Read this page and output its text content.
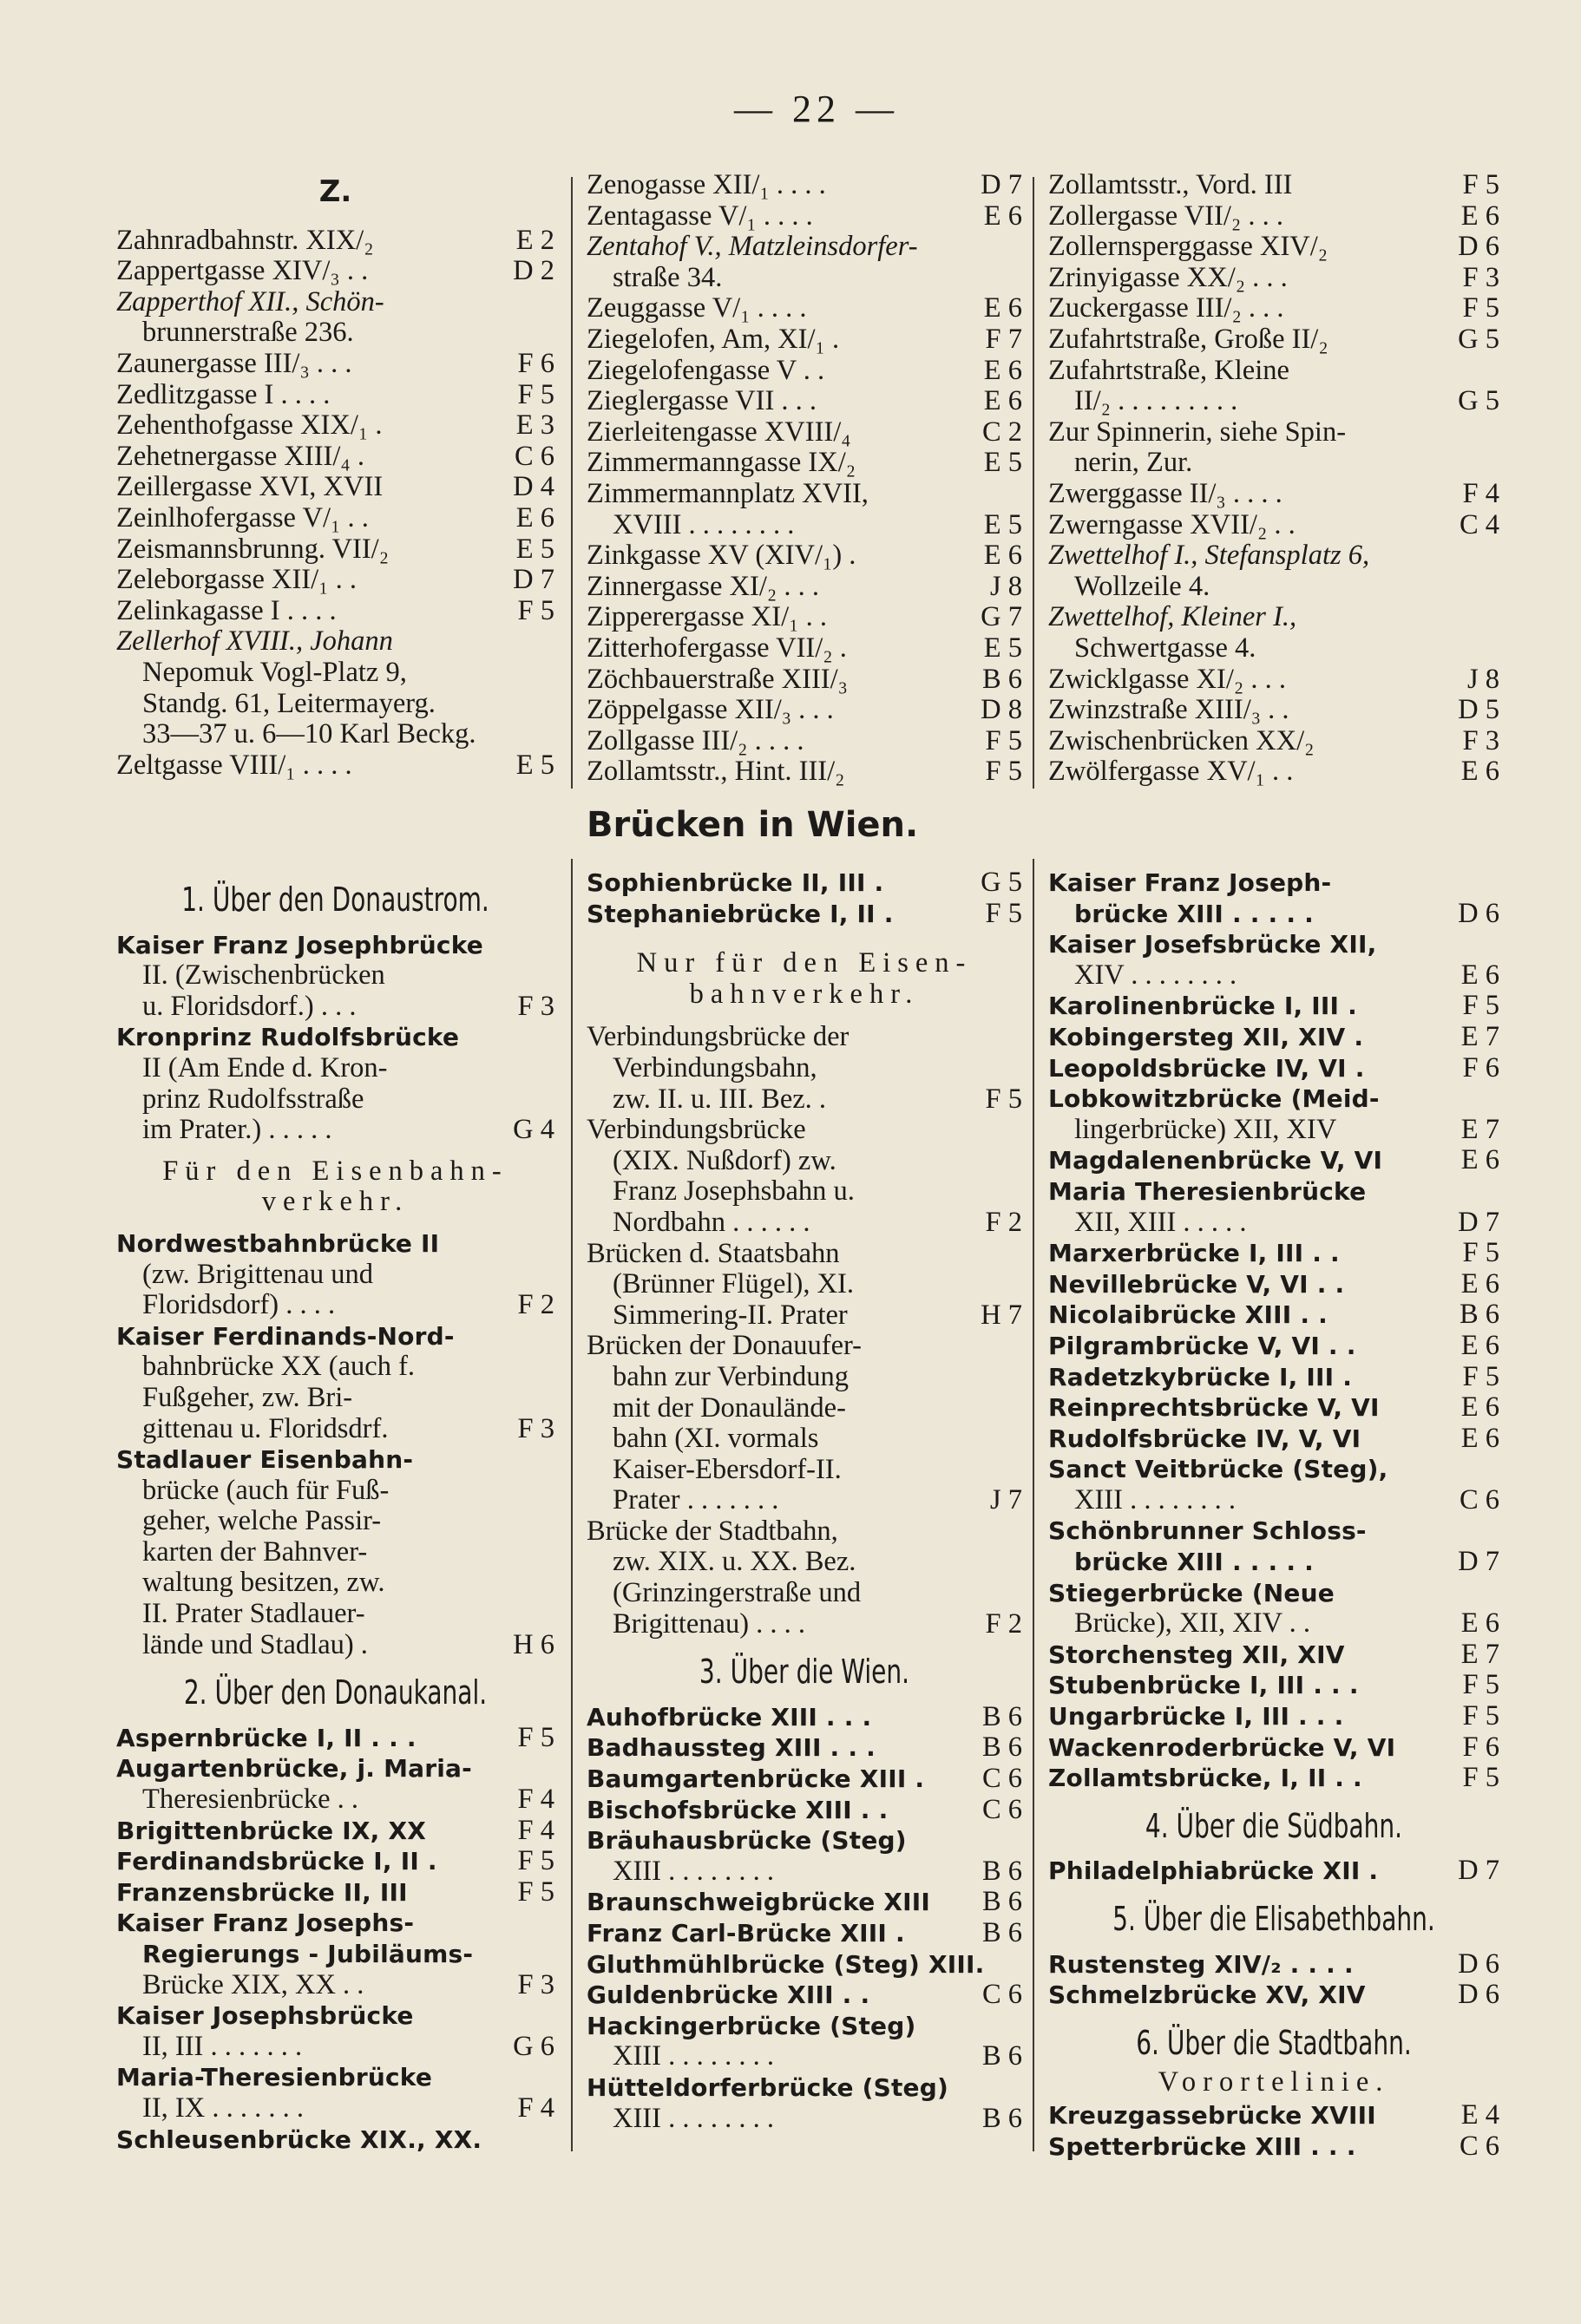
— 22 —
Z.
Zahnradbahnstr. XIX/₂	E 2
Zappertgasse XIV/₃ . .	D 2
Zapperthof XII., Schön-
brunnerstraße 236.
Zaunergasse III/₃ . . .	F 6
Zedlitzgasse I . . . .	F 5
Zehenthofgasse XIX/₁ .	E 3
Zehetnergasse XIII/₄ .	C 6
Zeillergasse XVI, XVII	D 4
Zeinlhofergasse V/₁ . .	E 6
Zeismannsbrunng. VII/₂	E 5
Zeleborgasse XII/₁ . .	D 7
Zelinkagasse I . . . .	F 5
Zellerhof XVIII., Johann
Nepomuk Vogl-Platz 9,
Standg. 61, Leitermayerg.
33—37 u. 6—10 Karl Beckg.
Zeltgasse VIII/₁ . . . .	E 5
Zenogasse XII/₁ . . . .	D 7
Zentagasse V/₁ . . . .	E 6
Zentahof V., Matzleinsdorfer-
straße 34.
Zeuggasse V/₁ . . . .	E 6
Ziegelofen, Am, XI/₁ .	F 7
Ziegelofengasse V . .	E 6
Zieglergasse VII . . .	E 6
Zierleitengasse XVIII/₄	C 2
Zimmermanngasse IX/₂	E 5
Zimmermannplatz XVII,
XVIII . . . . . . . .	E 5
Zinkgasse XV (XIV/₁) .	E 6
Zinnergasse XI/₂ . . .	J 8
Zipperergasse XI/₁ . .	G 7
Zitterhofergasse VII/₂ .	E 5
Zöchbauerstraße XIII/₃	B 6
Zöppelgasse XII/₃ . . .	D 8
Zollgasse III/₂ . . . .	F 5
Zollamtsstr., Hint. III/₂	F 5
Zollamtsstr., Vord. III	F 5
Zollergasse VII/₂ . . .	E 6
Zollernsperggasse XIV/₂	D 6
Zrinyigasse XX/₂ . . .	F 3
Zuckergasse III/₂ . . .	F 5
Zufahrtstraße, Große II/₂	G 5
Zufahrtstraße, Kleine
II/₂ . . . . . . . . .	G 5
Zur Spinnerin, siehe Spin-
nerin, Zur.
Zwerggasse II/₃ . . . .	F 4
Zwerngasse XVII/₂ . .	C 4
Zwettelhof I., Stefansplatz 6,
Wollzeile 4.
Zwettelhof, Kleiner I.,
Schwertgasse 4.
Zwicklgasse XI/₂ . . .	J 8
Zwinzstraße XIII/₃ . .	D 5
Zwischenbrücken XX/₂	F 3
Zwölfergasse XV/₁ . .	E 6
Brücken in Wien.
1. Über den Donaustrom.
Kaiser Franz Josephbrücke
II. (Zwischenbrücken
u. Floridsdorf.) . . .	F 3
Kronprinz Rudolfsbrücke
II (Am Ende d. Kron-
prinz Rudolfsstraße
im Prater.) . . . . .	G 4
Für den Eisenbahn-verkehr.
Nordwestbahnbrücke II
(zw. Brigittenau und
Floridsdorf) . . . .	F 2
Kaiser Ferdinands-Nord-
bahnbrücke XX (auch f.
Fußgeher, zw. Bri-
gittenau u. Floridsdrf.	F 3
Stadlauer Eisenbahn-
brücke (auch für Fuß-
geher, welche Passir-
karten der Bahnver-
waltung besitzen, zw.
II. Prater Stadlauer-
lände und Stadlau) .	H 6
2. Über den Donaukanal.
Aspernbrücke I, II . . .	F 5
Augartenbrücke, j. Maria-
Theresienbrücke . .	F 4
Brigittenbrücke IX, XX	F 4
Ferdinandsbrücke I, II .	F 5
Franzensbrücke II, III	F 5
Kaiser Franz Josephs-
Regierungs - Jubiläums-
Brücke XIX, XX . .	F 3
Kaiser Josephsbrücke
II, III . . . . . . .	G 6
Maria-Theresienbrücke
II, IX . . . . . . .	F 4
Schleusenbrücke XIX., XX.
Sophienbrücke II, III .	G 5
Stephaniebrücke I, II .	F 5
Nur für den Eisen-bahnverkehr.
Verbindungsbrücke der
Verbindungsbahn,
zw. II. u. III. Bez. .	F 5
Verbindungsbrücke
(XIX. Nußdorf) zw.
Franz Josephsbahn u.
Nordbahn . . . . . .	F 2
Brücken d. Staatsbahn
(Brünner Flügel), XI.
Simmering-II. Prater	H 7
Brücken der Donauufer-
bahn zur Verbindung
mit der Donaulände-
bahn (XI. vormals
Kaiser-Ebersdorf-II.
Prater . . . . . . .	J 7
Brücke der Stadtbahn,
zw. XIX. u. XX. Bez.
(Grinzingerstraße und
Brigittenau) . . . .	F 2
3. Über die Wien.
Auhofbrücke XIII . . .	B 6
Badhaussteg XIII . . .	B 6
Baumgartenbrücke XIII . C 6
Bischofsbrücke XIII . .	C 6
Bräuhausbrücke (Steg)
XIII . . . . . . . .	B 6
Braunschweigbrücke XIII B 6
Franz Carl-Brücke XIII .	B 6
Gluthmühlbrücke (Steg) XIII.
Guldenbrücke XIII . .	C 6
Hackingerbrücke (Steg)
XIII . . . . . . . .	B 6
Hütteldorferbrücke (Steg)
XIII . . . . . . . .	B 6
Kaiser Franz Joseph-
brücke XIII . . . . .	D 6
Kaiser Josefsbrücke XII,
XIV . . . . . . . .	E 6
Karolinenbrücke I, III .	F 5
Kobingersteg XII, XIV .	E 7
Leopoldsbrücke IV, VI .	F 6
Lobkowitzbrücke (Meid-
lingerbrücke) XII, XIV	E 7
Magdalenenbrücke V, VI	E 6
Maria Theresienbrücke
XII, XIII . . . . .	D 7
Marxerbrücke I, III . .	F 5
Nevillebrücke V, VI . .	E 6
Nicolaibrücke XIII . .	B 6
Pilgrambrücke V, VI . .	E 6
Radetzkybrücke I, III .	F 5
Reinprechtsbrücke V, VI	E 6
Rudolfsbrücke IV, V, VI	E 6
Sanct Veitbrücke (Steg),
XIII . . . . . . . .	C 6
Schönbrunner Schloss-
brücke XIII . . . . .	D 7
Stiegerbrücke (Neue
Brücke), XII, XIV . .	E 6
Storchensteg XII, XIV	E 7
Stubenbrücke I, III . . .	F 5
Ungarbrücke I, III . . .	F 5
Wackenroderbrücke V, VI F 6
Zollamtsbrücke, I, II . .	F 5
4. Über die Südbahn.
Philadelphiabrücke XII .	D 7
5. Über die Elisabethbahn.
Rustensteg XIV/₂ . . . .	D 6
Schmelzbrücke XV, XIV	D 6
6. Über die Stadtbahn.
Vorortelinie.
Kreuzgassebrücke XVIII	E 4
Spetterbrücke XIII . . .	C 6
